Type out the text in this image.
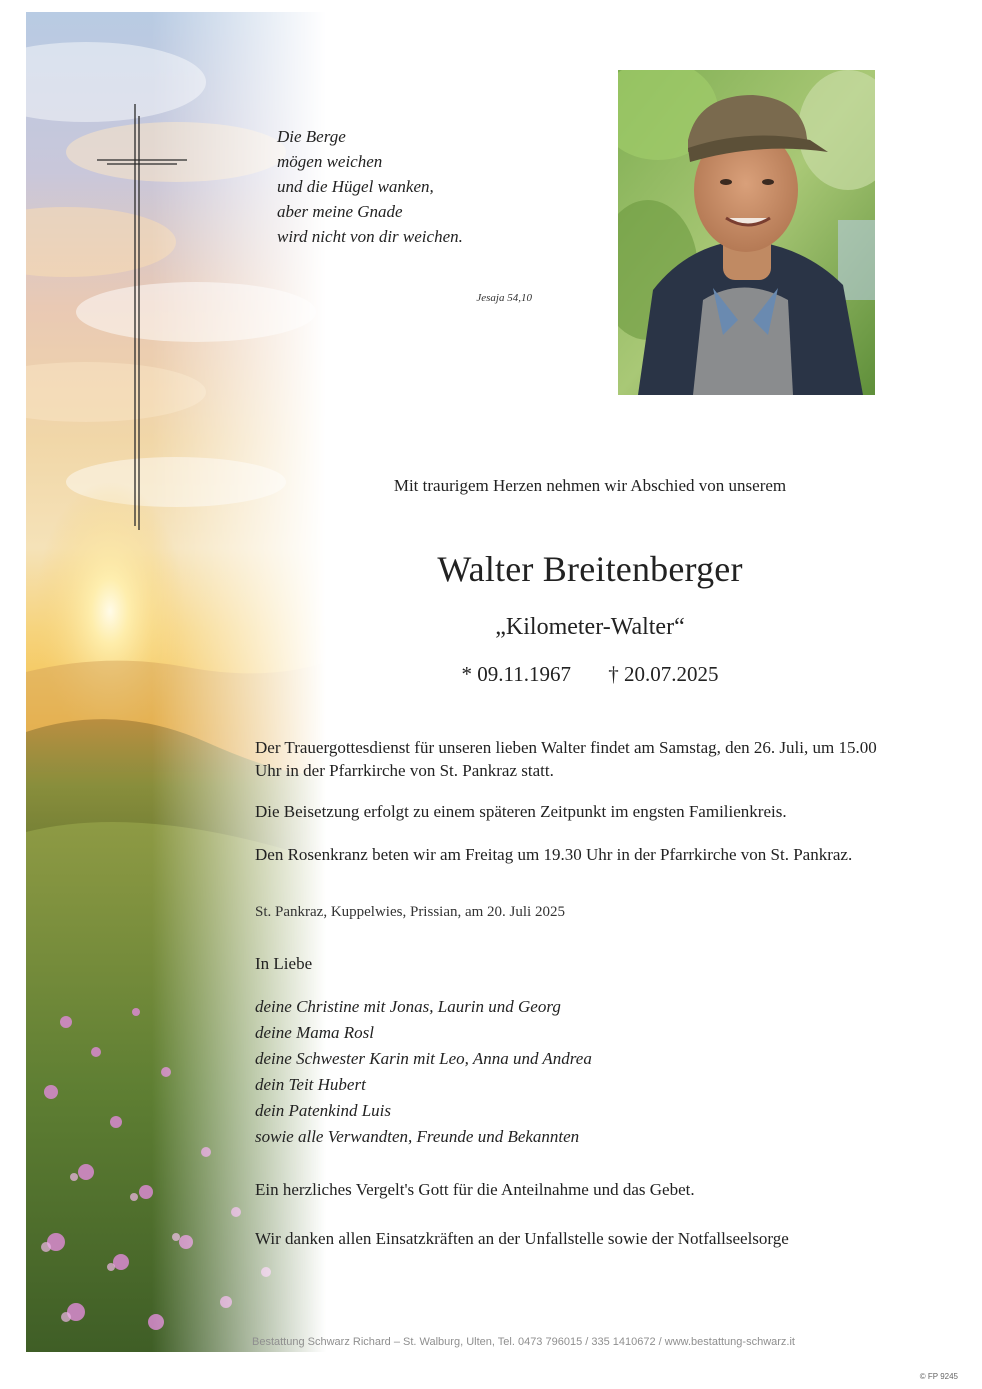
Die Berge
mögen weichen
und die Hügel wanken,
aber meine Gnade
wird nicht von dir weichen.
Jesaja 54,10
Mit traurigem Herzen nehmen wir Abschied von unserem
Walter Breitenberger
„Kilometer-Walter“
* 09.11.1967 † 20.07.2025
Der Trauergottesdienst für unseren lieben Walter findet am Samstag, den 26. Juli, um 15.00 Uhr in der Pfarrkirche von St. Pankraz statt.
Die Beisetzung erfolgt zu einem späteren Zeitpunkt im engsten Familienkreis.
Den Rosenkranz beten wir am Freitag um 19.30 Uhr in der Pfarrkirche von St. Pankraz.
St. Pankraz, Kuppelwies, Prissian, am 20. Juli 2025
In Liebe
deine Christine mit Jonas, Laurin und Georg
deine Mama Rosl
deine Schwester Karin mit Leo, Anna und Andrea
dein Teit Hubert
dein Patenkind Luis
sowie alle Verwandten, Freunde und Bekannten
Ein herzliches Vergelt's Gott für die Anteilnahme und das Gebet.
Wir danken allen Einsatzkräften an der Unfallstelle sowie der Notfallseelsorge
Bestattung Schwarz Richard – St. Walburg, Ulten, Tel. 0473 796015 / 335 1410672 / www.bestattung-schwarz.it
© FP 9245
